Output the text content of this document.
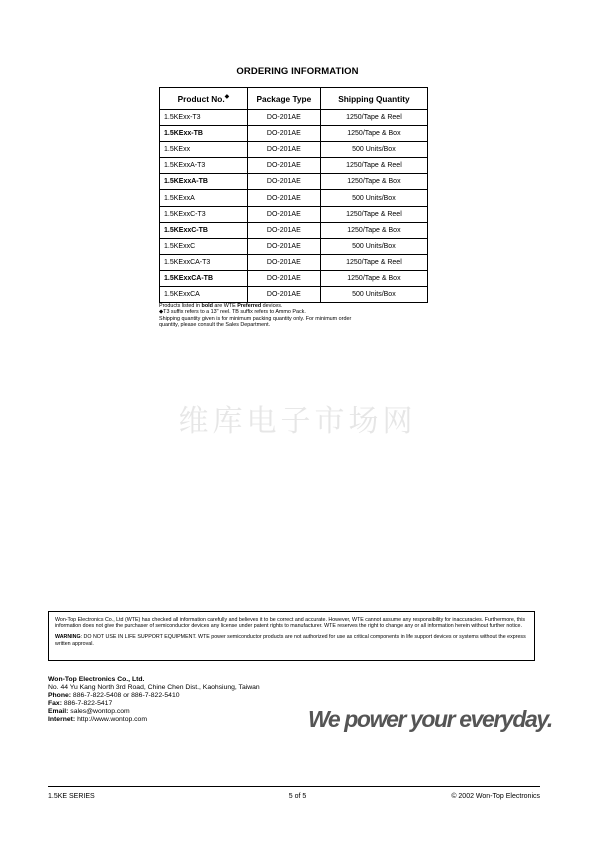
ORDERING INFORMATION
Product No.◆	Package Type	Shipping Quantity
1.5KExx-T3	DO-201AE	1250/Tape & Reel
1.5KExx-TB	DO-201AE	1250/Tape & Box
1.5KExx	DO-201AE	500 Units/Box
1.5KExxA-T3	DO-201AE	1250/Tape & Reel
1.5KExxA-TB	DO-201AE	1250/Tape & Box
1.5KExxA	DO-201AE	500 Units/Box
1.5KExxC-T3	DO-201AE	1250/Tape & Reel
1.5KExxC-TB	DO-201AE	1250/Tape & Box
1.5KExxC	DO-201AE	500 Units/Box
1.5KExxCA-T3	DO-201AE	1250/Tape & Reel
1.5KExxCA-TB	DO-201AE	1250/Tape & Box
1.5KExxCA	DO-201AE	500 Units/Box
Products listed in bold are WTE Preferred devices.
◆T3 suffix refers to a 13" reel. TB suffix refers to Ammo Pack.
Shipping quantity given is for minimum packing quantity only. For minimum order
quantity, please consult the Sales Department.
维库电子市场网

Won-Top Electronics Co., Ltd (WTE) has checked all information carefully and believes it to be correct and accurate. However, WTE cannot assume any responsibility for inaccuracies. Furthermore, this information does not give the purchaser of semiconductor devices any license under patent rights to manufacturer. WTE reserves the right to change any or all information herein without further notice.

WARNING: DO NOT USE IN LIFE SUPPORT EQUIPMENT. WTE power semiconductor products are not authorized for use as critical components in life support devices or systems without the express written approval.

Won-Top Electronics Co., Ltd.
No. 44 Yu Kang North 3rd Road, Chine Chen Dist., Kaohsiung, Taiwan
Phone: 886-7-822-5408 or 886-7-822-5410
Fax: 886-7-822-5417
Email: sales@wontop.com
Internet: http://www.wontop.com	We power your everyday.
1.5KE SERIES	5 of 5	© 2002 Won-Top Electronics
